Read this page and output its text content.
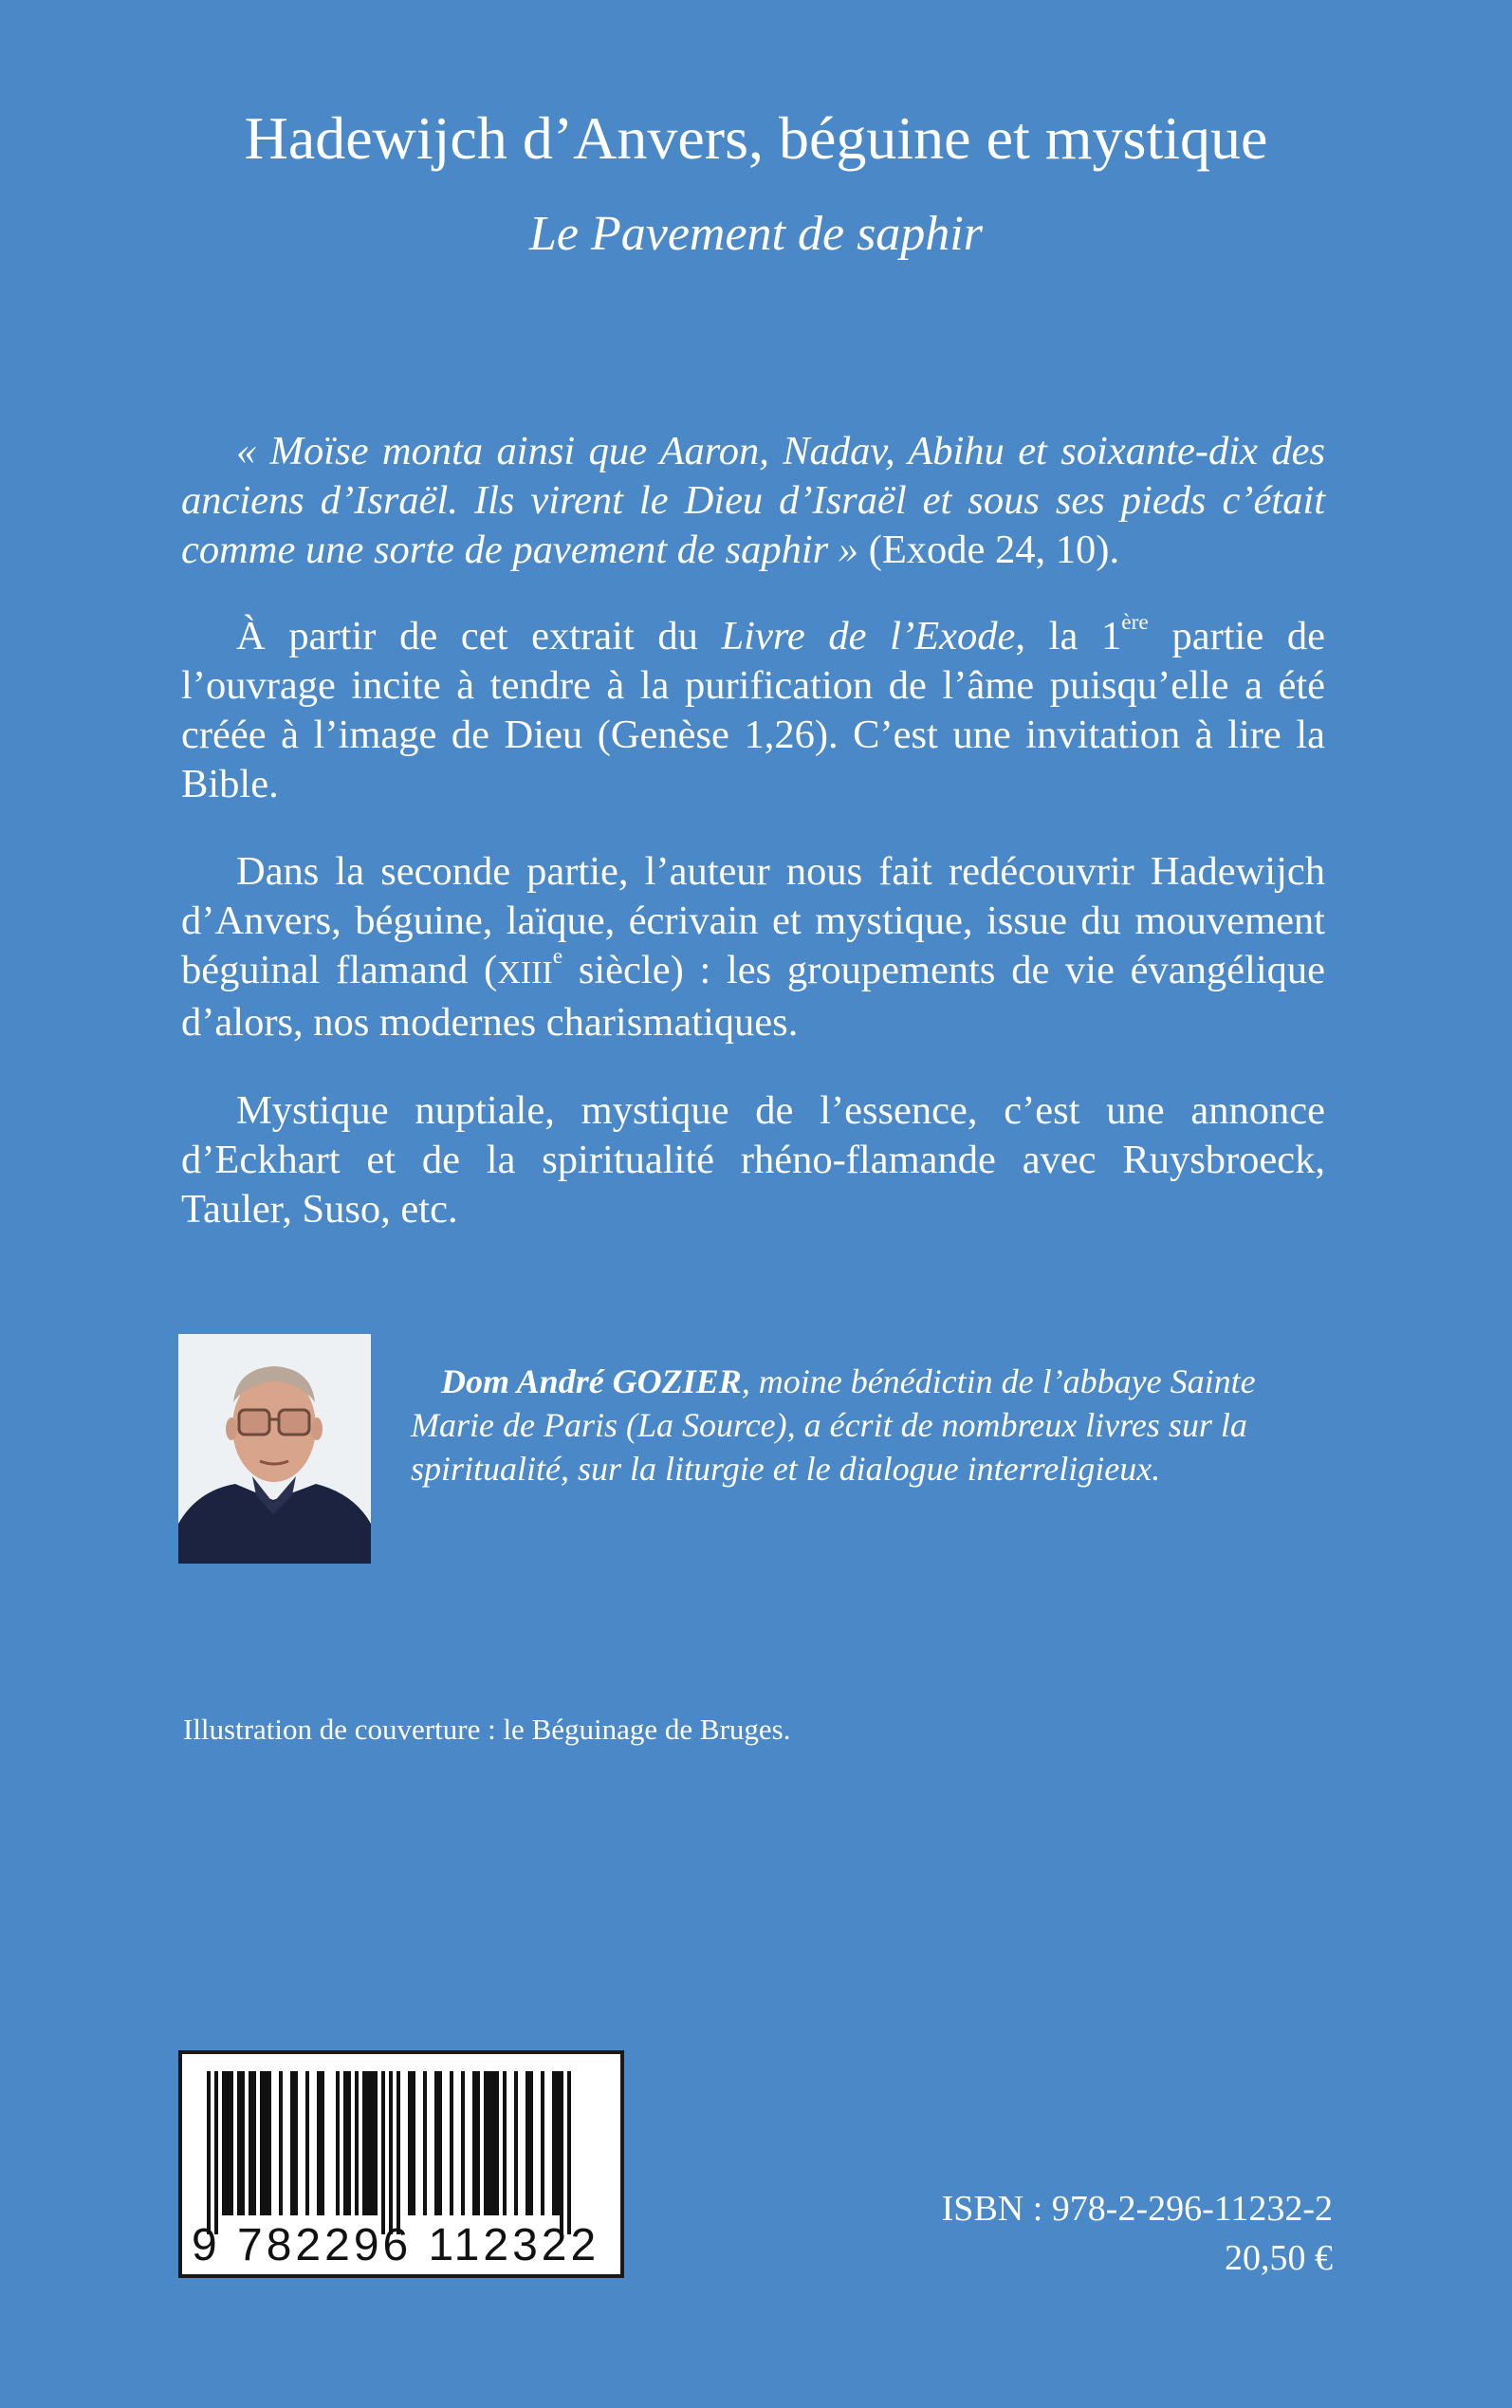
Hadewijch d’Anvers, béguine et mystique
Le Pavement de saphir

« Moïse monta ainsi que Aaron, Nadav, Abihu et soixante-dix des anciens d’Israël. Ils virent le Dieu d’Israël et sous ses pieds c’était comme une sorte de pavement de saphir » (Exode 24, 10).

À partir de cet extrait du Livre de l’Exode, la 1ère partie de l’ouvrage incite à tendre à la purification de l’âme puisqu’elle a été créée à l’image de Dieu (Genèse 1,26). C’est une invitation à lire la Bible.

Dans la seconde partie, l’auteur nous fait redécouvrir Hadewijch d’Anvers, béguine, laïque, écrivain et mystique, issue du mouvement béguinal flamand (XIIIe siècle) : les groupements de vie évangélique d’alors, nos modernes charismatiques.

Mystique nuptiale, mystique de l’essence, c’est une annonce d’Eckhart et de la spiritualité rhéno-flamande avec Ruysbroeck, Tauler, Suso, etc.

Dom André GOZIER, moine bénédictin de l’abbaye Sainte Marie de Paris (La Source), a écrit de nombreux livres sur la spiritualité, sur la liturgie et le dialogue interreligieux.

Illustration de couverture : le Béguinage de Bruges.
9 782296 112322
ISBN : 978-2-296-11232-2
20,50 €
